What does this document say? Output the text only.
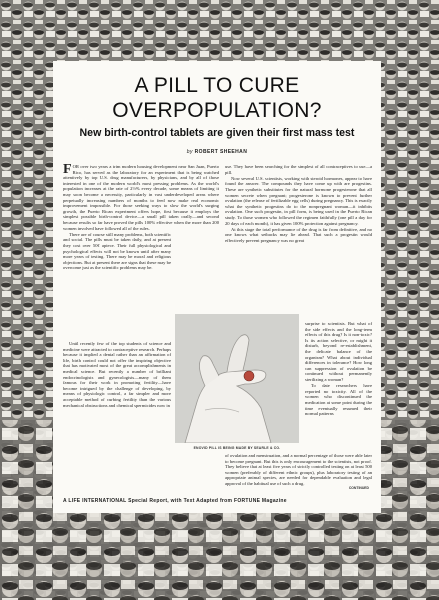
A PILL TO CURE
OVERPOPULATION?
New birth-control tablets are given their first mass test
by ROBERT SHEEHAN

FOR over two years a trim modern housing development near San Juan, Puerto Rico, has served as the laboratory for an experiment that is being watched attentively by top U.S. drug manufacturers, by physicians, and by all of those interested in one of the modern world's most pressing problems. As the world's population increases at the rate of 2½% every decade, some means of limiting it may soon become a necessity, particularly in vast underdeveloped areas where perpetually increasing numbers of months to feed now make real economic improvement impossible. For those seeking ways to slow the world's surging growth, the Puerto Rican experiment offers hope, first because it employs the simplest possible birth-control device—a small pill taken orally—and second because results so far have proved the pills 100% effective when the more than 200 women involved have followed all of the rules.

There are of course still many problems, both scientific and social. The pills must be taken daily, and at present they cost over 50¢ apiece. Their full physiological and psychological effects will not be known until after many more years of testing. There may be moral and religious objections. But at present there are signs that these may be overcome just as the scientific problems may be.

use. They have been searching for the simplest of all contraceptives to use—a pill.

Now several U.S. scientists, working with steroid hormones, appear to have found the answer. The compounds they have come up with are progestins. These are synthetic substitutes for the natural hormone progesterone that all women secrete when pregnant; progesterone is known to prevent further ovulation (the release of fertilizable egg cells) during pregnancy. This is exactly what the synthetic progestins do to the nonpregnant woman—it inhibits ovulation. One such progestin, in pill form, is being used in the Puerto Rican study. To those women who followed the regimen faithfully (one pill a day for 20 days of each month), it has given 100% protection against pregnancy.

At this stage the total performance of the drug is far from definitive, and no one knows what setbacks may lie ahead. That such a progestin would effectively prevent pregnancy was no great

surprise to scientists. But what of the side effects and the long-term effects of this drug? Is it non-toxic? Is its action selective, or might it disturb, beyond re-establishment, the delicate balance of the organism? What about individual differences in tolerance? How long can suppression of ovulation be continued without permanently sterilizing a woman?

To date researchers have reported no toxicity. All of the women who discontinued the medication at some point during the time eventually resumed their normal patterns

Until recently few of the top students of science and medicine were attracted to contraceptive research. Perhaps because it implied a denial rather than an affirmation of life, birth control could not offer the inspiring objective that has motivated most of the great accomplishments in medical science. But recently a number of brilliant endocrinologists and gynecologists—many of them famous for their work in promoting fertility—have become intrigued by the challenge of developing, by means of physiologic control, a far simpler and more acceptable method of curbing fertility than the various mechanical obstructions and chemical spermicides now in

of ovulation and menstruation, and a normal percentage of those were able later to become pregnant. But this is only encouragement to the scientists, not proof. They believe that at least five years of strictly controlled testing on at least 500 women (preferably of different ethnic groups), plus laboratory testing of an appropriate animal species, are needed for dependable evaluation and legal approval of the habitual use of such a drug.

ENOVID PILL IS BEING MADE BY SEARLE & CO.
CONTINUED
A LIFE INTERNATIONAL Special Report, with Text Adapted from FORTUNE Magazine
